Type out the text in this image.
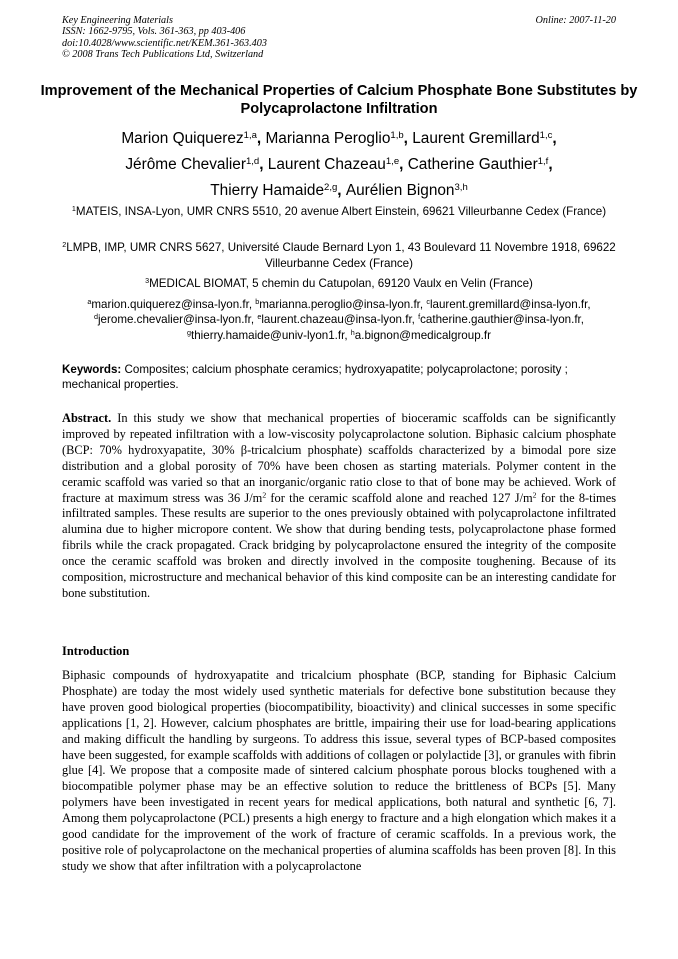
Key Engineering Materials
ISSN: 1662-9795, Vols. 361-363, pp 403-406
doi:10.4028/www.scientific.net/KEM.361-363.403
© 2008 Trans Tech Publications Ltd, Switzerland
Online: 2007-11-20
Improvement of the Mechanical Properties of Calcium Phosphate Bone Substitutes by Polycaprolactone Infiltration
Marion Quiquerez$^{1,a}$, Marianna Peroglio$^{1,b}$, Laurent Gremillard$^{1,c}$,
Jérôme Chevalier$^{1,d}$, Laurent Chazeau$^{1,e}$, Catherine Gauthier$^{1,f}$,
Thierry Hamaide$^{2,g}$, Aurélien Bignon$^{3,h}$
$^1$MATEIS, INSA-Lyon, UMR CNRS 5510, 20 avenue Albert Einstein, 69621 Villeurbanne Cedex (France)
$^2$LMPB, IMP, UMR CNRS 5627, Université Claude Bernard Lyon 1, 43 Boulevard 11 Novembre 1918, 69622 Villeurbanne Cedex (France)
$^3$MEDICAL BIOMAT, 5 chemin du Catupolan, 69120 Vaulx en Velin (France)
$^a$marion.quiquerez@insa-lyon.fr, $^b$marianna.peroglio@insa-lyon.fr, $^c$laurent.gremillard@insa-lyon.fr,
$^d$jerome.chevalier@insa-lyon.fr, $^e$laurent.chazeau@insa-lyon.fr, $^f$catherine.gauthier@insa-lyon.fr,
$^g$thierry.hamaide@univ-lyon1.fr, $^h$a.bignon@medicalgroup.fr
Keywords: Composites; calcium phosphate ceramics; hydroxyapatite; polycaprolactone; porosity ; mechanical properties.

Abstract. In this study we show that mechanical properties of bioceramic scaffolds can be significantly improved by repeated infiltration with a low-viscosity polycaprolactone solution. Biphasic calcium phosphate (BCP: 70% hydroxyapatite, 30% β-tricalcium phosphate) scaffolds characterized by a bimodal pore size distribution and a global porosity of 70% have been chosen as starting materials. Polymer content in the ceramic scaffold was varied so that an inorganic/organic ratio close to that of bone may be achieved. Work of fracture at maximum stress was 36 $J/m^2$ for the ceramic scaffold alone and reached 127 $J/m^2$ for the 8-times infiltrated samples. These results are superior to the ones previously obtained with polycaprolactone infiltrated alumina due to higher micropore content. We show that during bending tests, polycaprolactone phase formed fibrils while the crack propagated. Crack bridging by polycaprolactone ensured the integrity of the composite once the ceramic scaffold was broken and directly involved in the composite toughening. Because of its composition, microstructure and mechanical behavior of this kind composite can be an interesting candidate for bone substitution.

Introduction

Biphasic compounds of hydroxyapatite and tricalcium phosphate (BCP, standing for Biphasic Calcium Phosphate) are today the most widely used synthetic materials for defective bone substitution because they have proven good biological properties (biocompatibility, bioactivity) and clinical successes in some specific applications [1, 2]. However, calcium phosphates are brittle, impairing their use for load-bearing applications and making difficult the handling by surgeons. To address this issue, several types of BCP-based composites have been suggested, for example scaffolds with additions of collagen or polylactide [3], or granules with fibrin glue [4]. We propose that a composite made of sintered calcium phosphate porous blocks toughened with a biocompatible polymer phase may be an effective solution to reduce the brittleness of BCPs [5]. Many polymers have been investigated in recent years for medical applications, both natural and synthetic [6, 7]. Among them polycaprolactone (PCL) presents a high energy to fracture and a high elongation which makes it a good candidate for the improvement of the work of fracture of ceramic scaffolds. In a previous work, the positive role of polycaprolactone on the mechanical properties of alumina scaffolds has been proven [8]. In this study we show that after infiltration with a polycaprolactone
